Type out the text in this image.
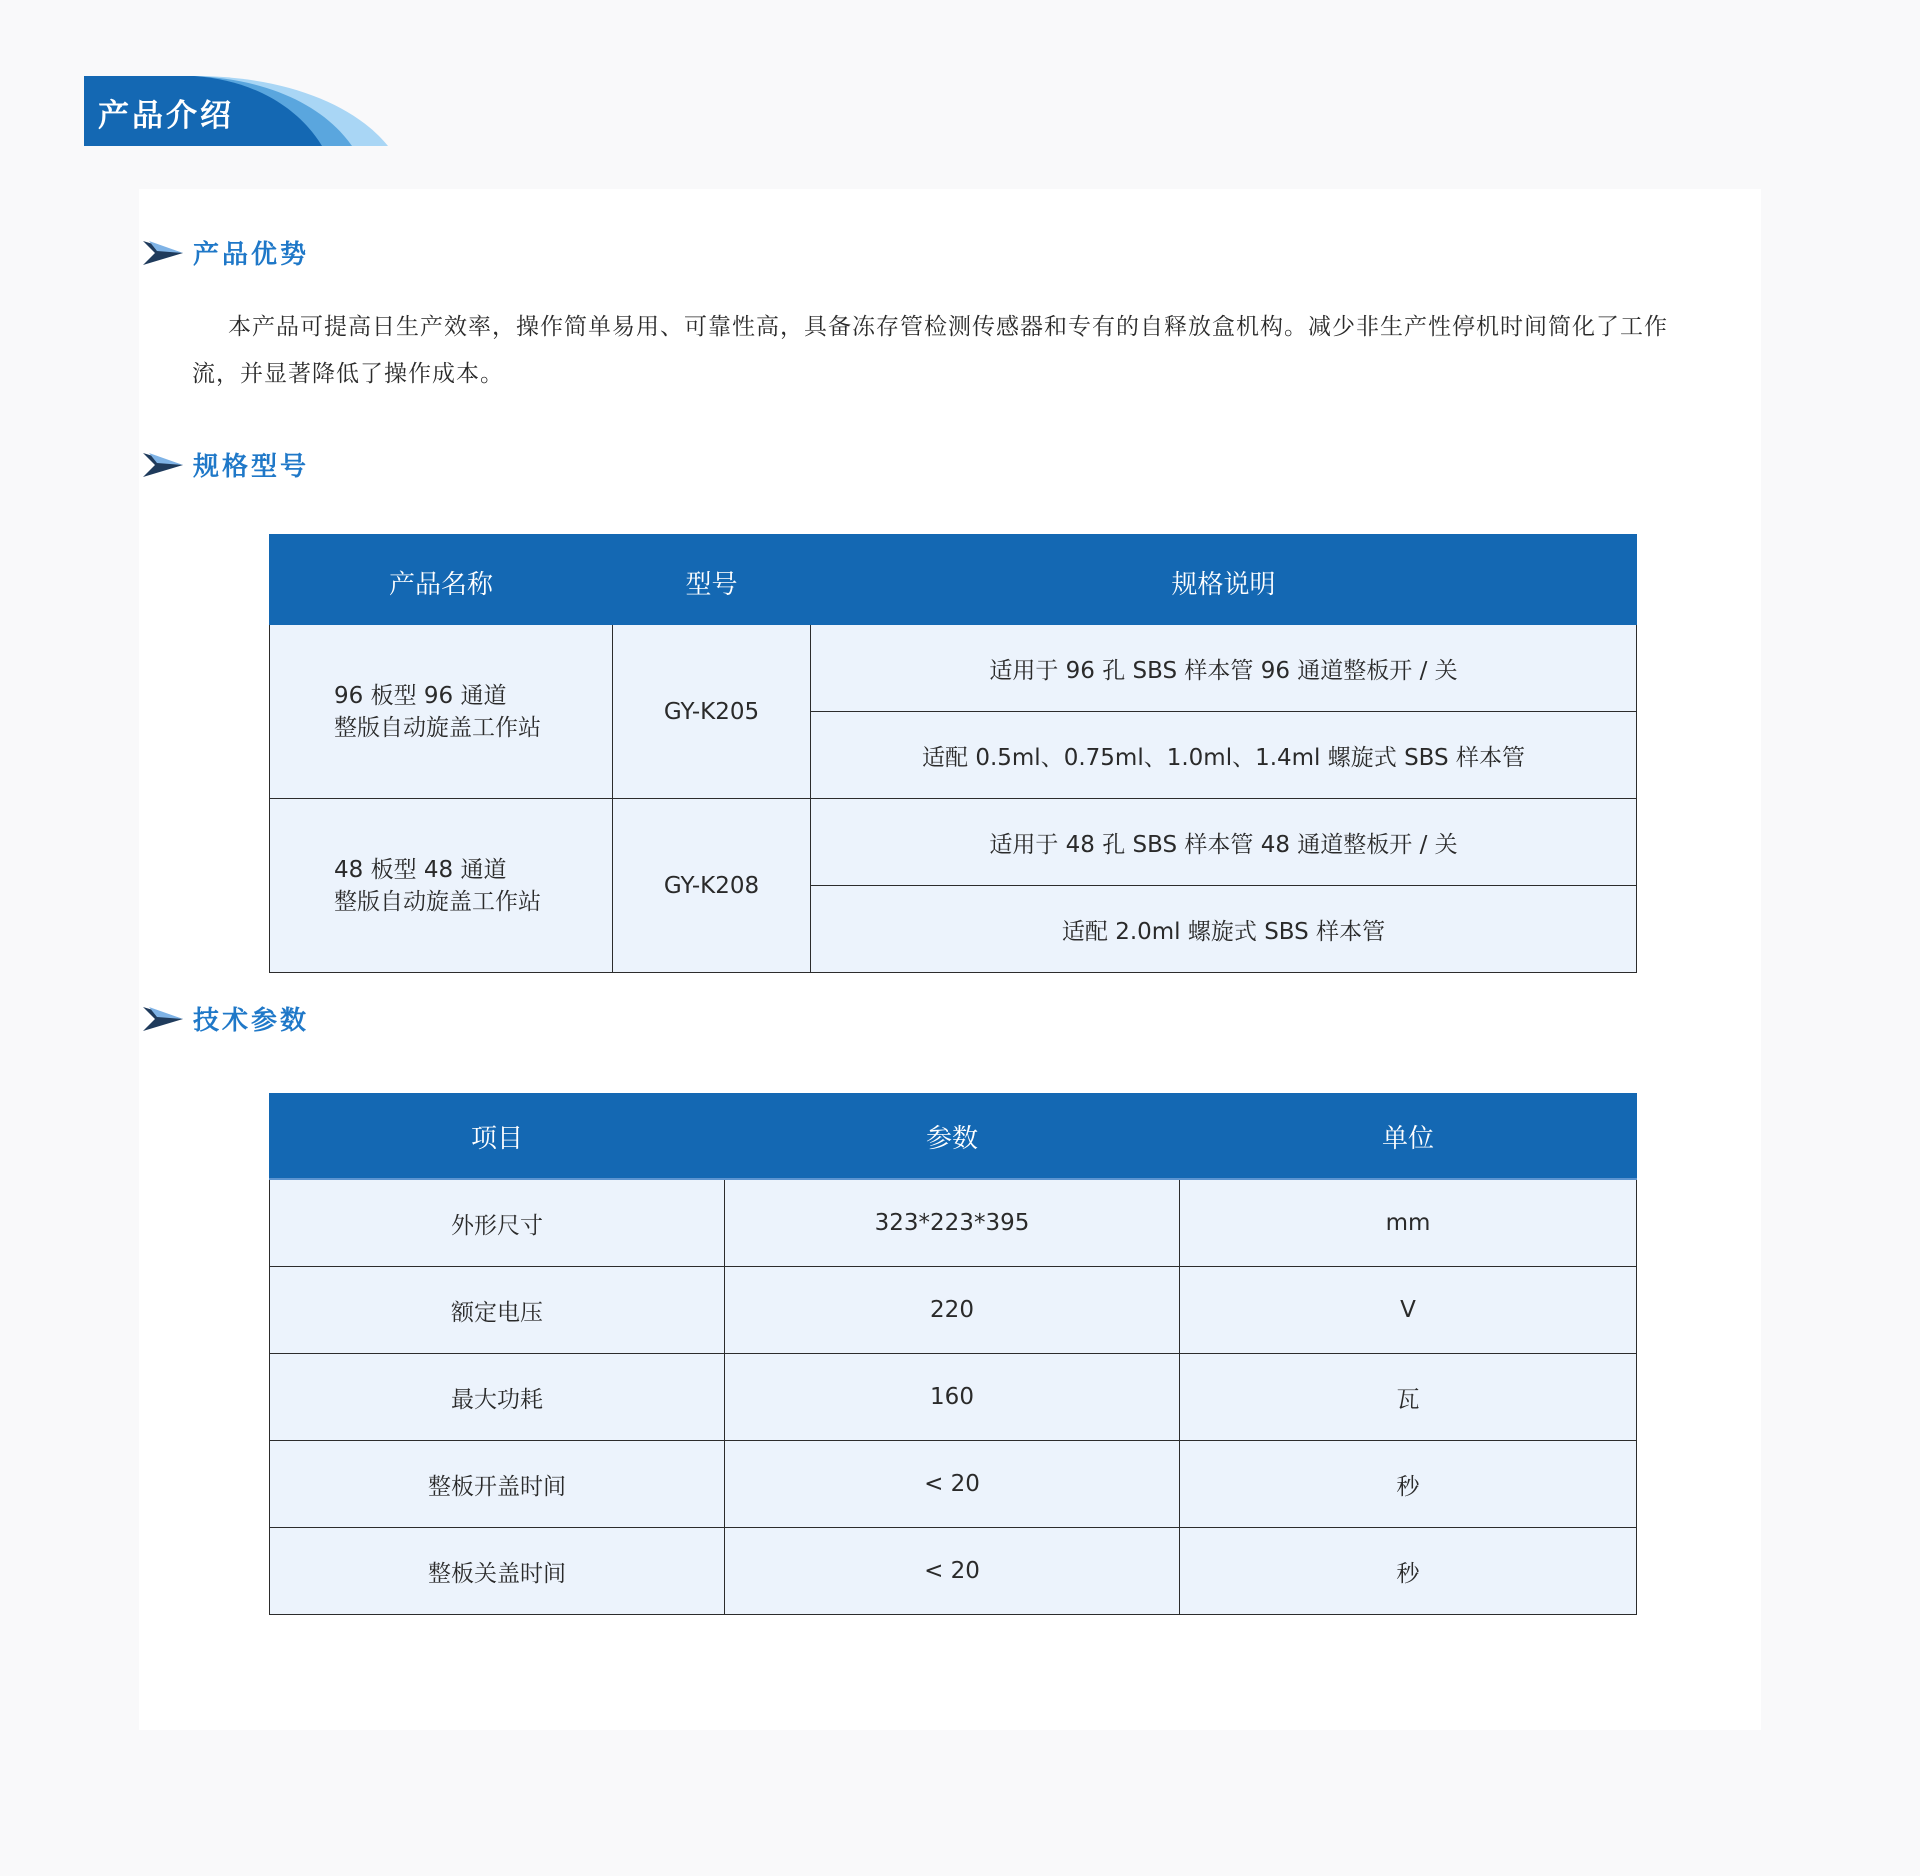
产品介绍
产品优势
本产品可提高日生产效率，操作简单易用、可靠性高，具备冻存管检测传感器和专有的自释放盒机构。减少非生产性停机时间简化了工作流，并显著降低了操作成本。
规格型号
产品名称	型号	规格说明

96 板型 96 通道
整版自动旋盖工作站	GY-K205	适用于 96 孔 SBS 样本管 96 通道整板开 / 关
		适配 0.5ml、0.75ml、1.0ml、1.4ml 螺旋式 SBS 样本管

48 板型 48 通道
整版自动旋盖工作站	GY-K208	适用于 48 孔 SBS 样本管 48 通道整板开 / 关
		适配 2.0ml 螺旋式 SBS 样本管
技术参数
项目	参数	单位
外形尺寸	323*223*395	mm
额定电压	220	V
最大功耗	160	瓦
整板开盖时间	< 20	秒
整板关盖时间	< 20	秒
